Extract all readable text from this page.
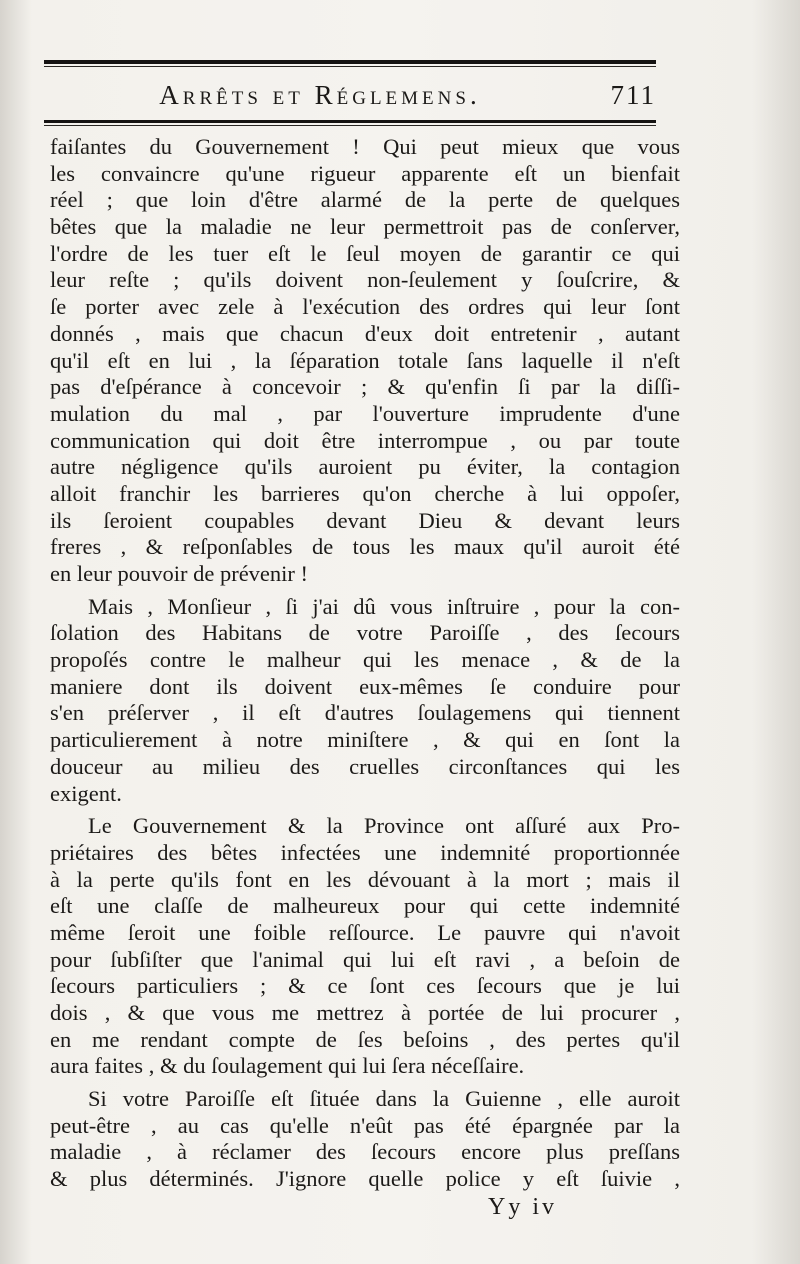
Arrêts et Réglemens.	711
faiſantes du Gouvernement ! Qui peut mieux que vous
les convaincre qu'une rigueur apparente eſt un bienfait
réel ; que loin d'être alarmé de la perte de quelques
bêtes que la maladie ne leur permettroit pas de conſerver,
l'ordre de les tuer eſt le ſeul moyen de garantir ce qui
leur reſte ; qu'ils doivent non-ſeulement y ſouſcrire, &
ſe porter avec zele à l'exécution des ordres qui leur ſont
donnés , mais que chacun d'eux doit entretenir , autant
qu'il eſt en lui , la ſéparation totale ſans laquelle il n'eſt
pas d'eſpérance à concevoir ; & qu'enfin ſi par la diſſi-
mulation du mal , par l'ouverture imprudente d'une
communication qui doit être interrompue , ou par toute
autre négligence qu'ils auroient pu éviter, la contagion
alloit franchir les barrieres qu'on cherche à lui oppoſer,
ils ſeroient coupables devant Dieu & devant leurs
freres , & reſponſables de tous les maux qu'il auroit été
en leur pouvoir de prévenir !
Mais , Monſieur , ſi j'ai dû vous inſtruire , pour la con-
ſolation des Habitans de votre Paroiſſe , des ſecours
propoſés contre le malheur qui les menace , & de la
maniere dont ils doivent eux-mêmes ſe conduire pour
s'en préſerver , il eſt d'autres ſoulagemens qui tiennent
particulierement à notre miniſtere , & qui en ſont la
douceur au milieu des cruelles circonſtances qui les
exigent.
Le Gouvernement & la Province ont aſſuré aux Pro-
priétaires des bêtes infectées une indemnité proportionnée
à la perte qu'ils font en les dévouant à la mort ; mais il
eſt une claſſe de malheureux pour qui cette indemnité
même ſeroit une foible reſſource. Le pauvre qui n'avoit
pour ſubſiſter que l'animal qui lui eſt ravi , a beſoin de
ſecours particuliers ; & ce ſont ces ſecours que je lui
dois , & que vous me mettrez à portée de lui procurer ,
en me rendant compte de ſes beſoins , des pertes qu'il
aura faites , & du ſoulagement qui lui ſera néceſſaire.
Si votre Paroiſſe eſt ſituée dans la Guienne , elle auroit
peut-être , au cas qu'elle n'eût pas été épargnée par la
maladie , à réclamer des ſecours encore plus preſſans
& plus déterminés. J'ignore quelle police y eſt ſuivie ,
Yy iv
